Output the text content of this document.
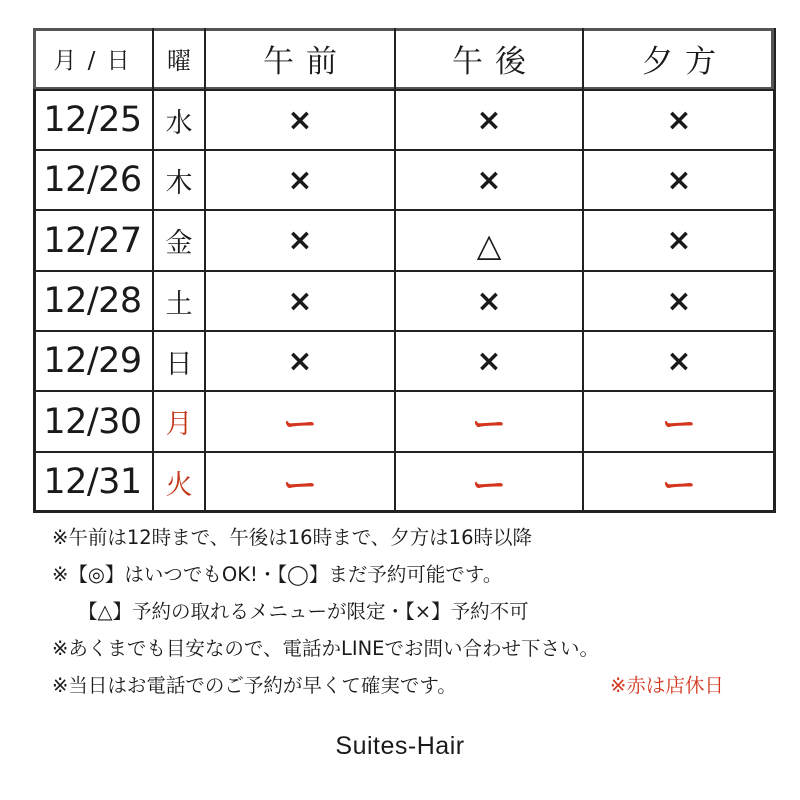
月 / 日	曜	午前	午後	夕方
12/25 水	×	×	×
12/26 木	×	×	×
12/27 金	×	△	×
12/28 土	×	×	×
12/29 日	×	×	×
12/30 月	ー	ー	ー
12/31 火	ー	ー	ー
※午前は12時まで、午後は16時まで、夕方は16時以降
※【◎】はいつでもOK!・【◯】まだ予約可能です。
【△】予約の取れるメニューが限定・【×】予約不可
※あくまでも目安なので、電話かLINEでお問い合わせ下さい。
※当日はお電話でのご予約が早くて確実です。	※赤は店休日
Suites-Hair
